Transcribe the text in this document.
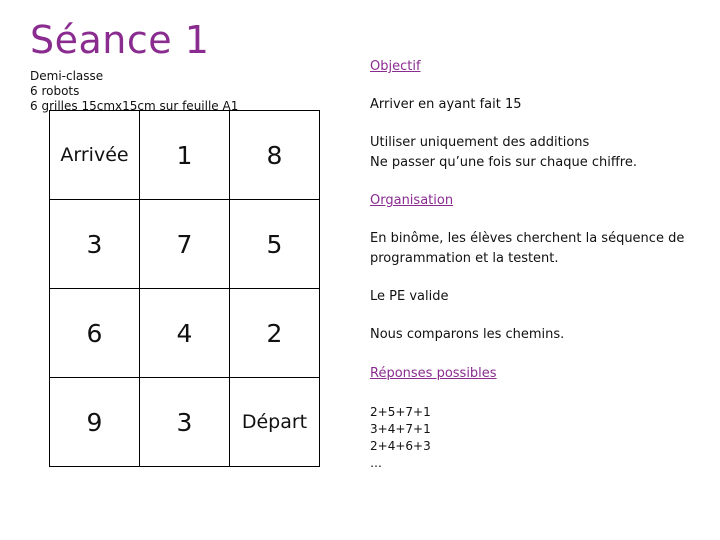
Séance 1
Demi-classe
6 robots
6 grilles 15cmx15cm sur feuille A1
Arrivée	1	8
3	7	5
6	4	2
9	3	Départ
Objectif
Arriver en ayant fait 15
Utiliser uniquement des additions
Ne passer qu’une fois sur chaque chiffre.
Organisation
En binôme, les élèves cherchent la séquence de
programmation et la testent.
Le PE valide
Nous comparons les chemins.
Réponses possibles
2+5+7+1
3+4+7+1
2+4+6+3
…
